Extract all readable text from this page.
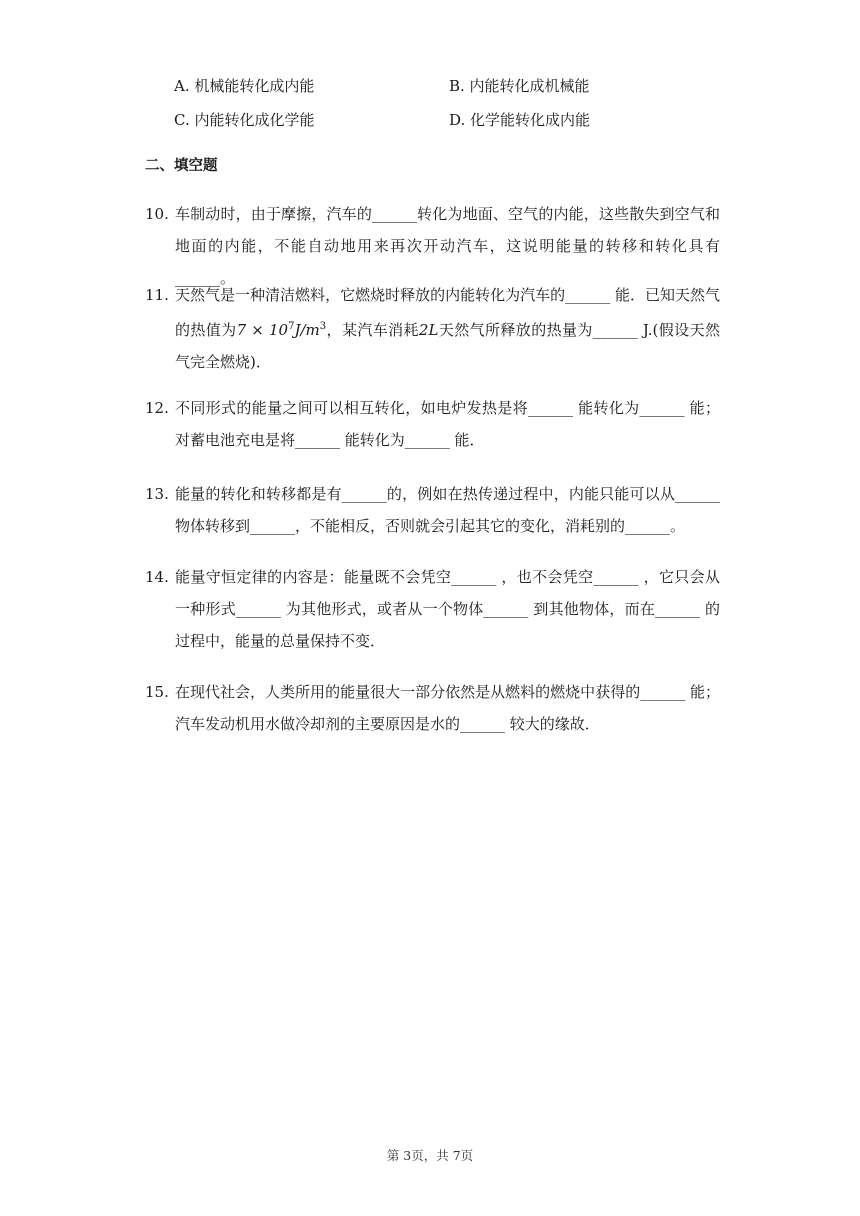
A. 机械能转化成内能	B. 内能转化成机械能
C. 内能转化成化学能	D. 化学能转化成内能
二、填空题
10. 车制动时，由于摩擦，汽车的______转化为地面、空气的内能，这些散失到空气和地面的内能，不能自动地用来再次开动汽车，这说明能量的转移和转化具有______。
11. 天然气是一种清洁燃料，它燃烧时释放的内能转化为汽车的______ 能．已知天然气的热值为$7 \times 10^7J/m^3$，某汽车消耗2L天然气所释放的热量为______ J.(假设天然气完全燃烧)．
12. 不同形式的能量之间可以相互转化，如电炉发热是将______ 能转化为______ 能；对蓄电池充电是将______ 能转化为______ 能．
13. 能量的转化和转移都是有______的，例如在热传递过程中，内能只能可以从______物体转移到______，不能相反，否则就会引起其它的变化，消耗别的______。
14. 能量守恒定律的内容是：能量既不会凭空______ ，也不会凭空______ ，它只会从一种形式______ 为其他形式，或者从一个物体______ 到其他物体，而在______ 的过程中，能量的总量保持不变．
15. 在现代社会，人类所用的能量很大一部分依然是从燃料的燃烧中获得的______ 能；汽车发动机用水做冷却剂的主要原因是水的______ 较大的缘故．
第 3页，共 7页
